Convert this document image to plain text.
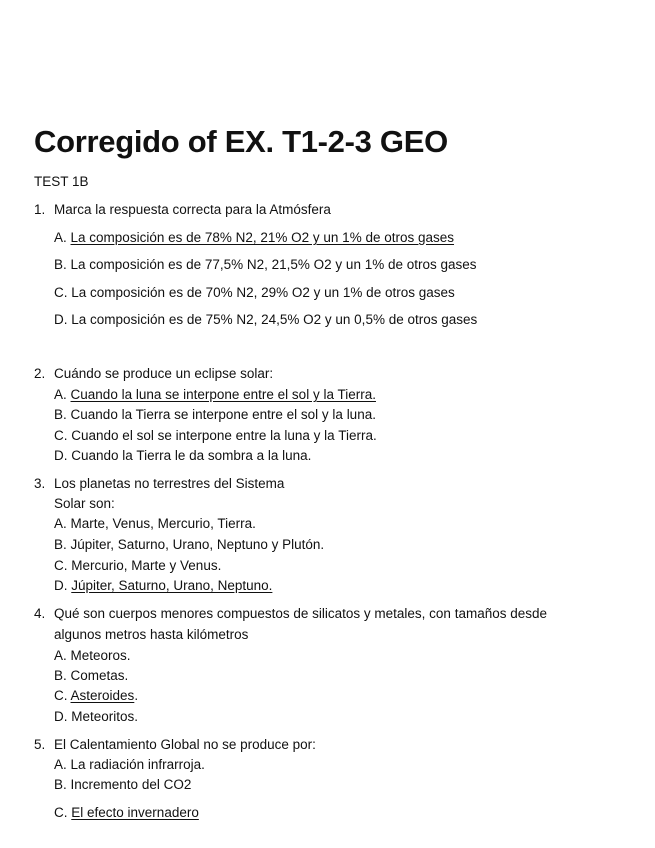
Corregido of EX. T1-2-3 GEO
TEST 1B
1. Marca la respuesta correcta para la Atmósfera
A. La composición es de 78% N2, 21% O2 y un 1% de otros gases
B. La composición es de 77,5% N2, 21,5% O2 y un 1% de otros gases
C. La composición es de 70% N2, 29% O2 y un 1% de otros gases
D. La composición es de 75% N2, 24,5% O2 y un 0,5% de otros gases
2. Cuándo se produce un eclipse solar:
A. Cuando la luna se interpone entre el sol y la Tierra.
B. Cuando la Tierra se interpone entre el sol y la luna.
C. Cuando el sol se interpone entre la luna y la Tierra.
D. Cuando la Tierra le da sombra a la luna.
3. Los planetas no terrestres del Sistema
Solar son:
A. Marte, Venus, Mercurio, Tierra.
B. Júpiter, Saturno, Urano, Neptuno y Plutón.
C. Mercurio, Marte y Venus.
D. Júpiter, Saturno, Urano, Neptuno.
4. Qué son cuerpos menores compuestos de silicatos y metales, con tamaños desde
algunos metros hasta kilómetros
A. Meteoros.
B. Cometas.
C. Asteroides.
D. Meteoritos.
5. El Calentamiento Global no se produce por:
A. La radiación infrarroja.
B. Incremento del CO2
C. El efecto invernadero
